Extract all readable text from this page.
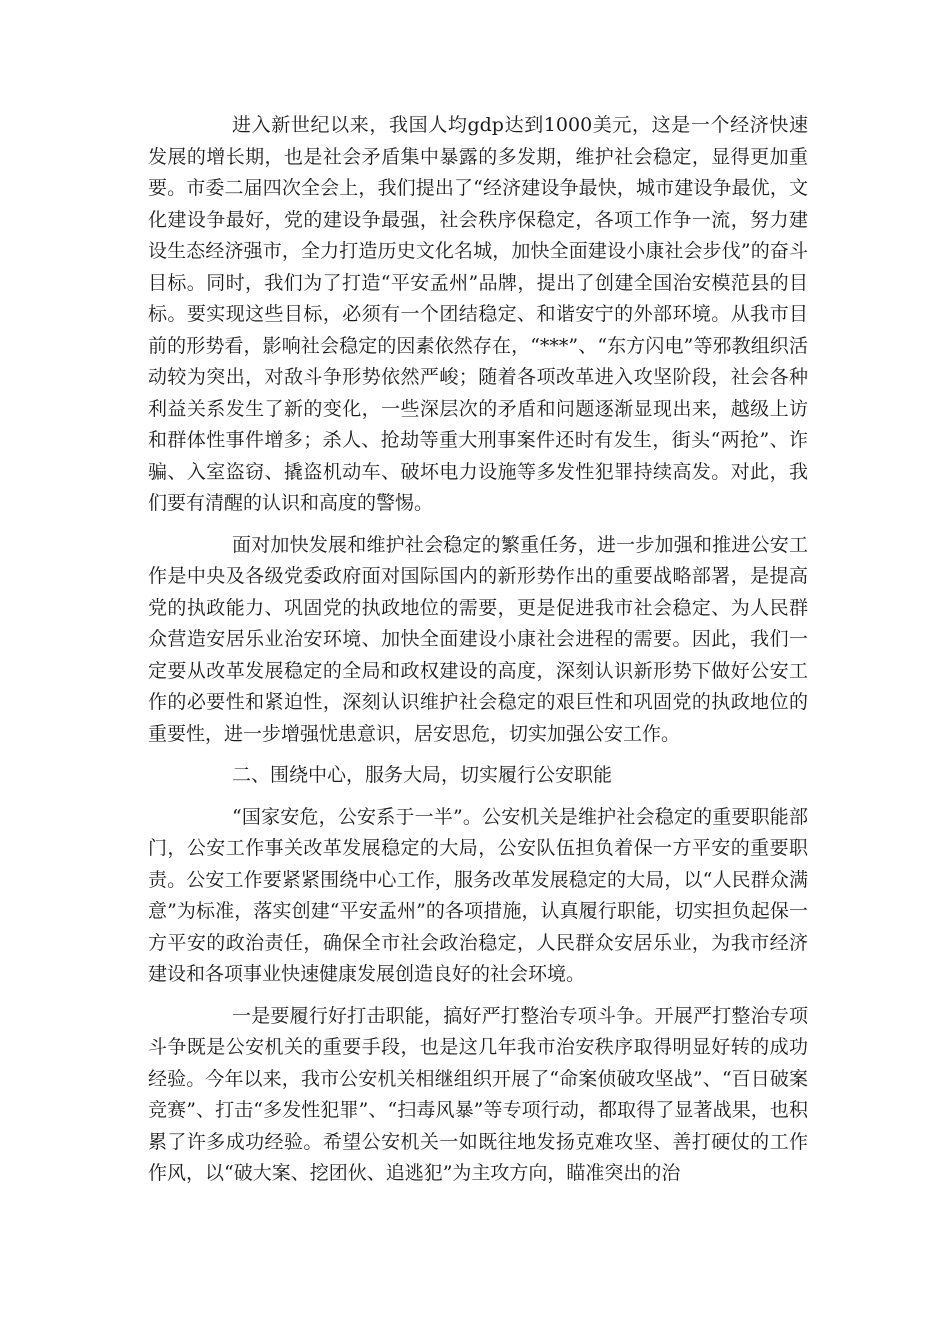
进入新世纪以来，我国人均gdp达到1000美元，这是一个经济快速发展的增长期，也是社会矛盾集中暴露的多发期，维护社会稳定，显得更加重要。市委二届四次全会上，我们提出了“经济建设争最快，城市建设争最优，文化建设争最好，党的建设争最强，社会秩序保稳定，各项工作争一流，努力建设生态经济强市，全力打造历史文化名城，加快全面建设小康社会步伐”的奋斗目标。同时，我们为了打造“平安孟州”品牌，提出了创建全国治安模范县的目标。要实现这些目标，必须有一个团结稳定、和谐安宁的外部环境。从我市目前的形势看，影响社会稳定的因素依然存在，“***”、“东方闪电”等邪教组织活动较为突出，对敌斗争形势依然严峻；随着各项改革进入攻坚阶段，社会各种利益关系发生了新的变化，一些深层次的矛盾和问题逐渐显现出来，越级上访和群体性事件增多；杀人、抢劫等重大刑事案件还时有发生，街头“两抢”、诈骗、入室盗窃、撬盗机动车、破坏电力设施等多发性犯罪持续高发。对此，我们要有清醒的认识和高度的警惕。

面对加快发展和维护社会稳定的繁重任务，进一步加强和推进公安工作是中央及各级党委政府面对国际国内的新形势作出的重要战略部署，是提高党的执政能力、巩固党的执政地位的需要，更是促进我市社会稳定、为人民群众营造安居乐业治安环境、加快全面建设小康社会进程的需要。因此，我们一定要从改革发展稳定的全局和政权建设的高度，深刻认识新形势下做好公安工作的必要性和紧迫性，深刻认识维护社会稳定的艰巨性和巩固党的执政地位的重要性，进一步增强忧患意识，居安思危，切实加强公安工作。

二、围绕中心，服务大局，切实履行公安职能

“国家安危，公安系于一半”。公安机关是维护社会稳定的重要职能部门，公安工作事关改革发展稳定的大局，公安队伍担负着保一方平安的重要职责。公安工作要紧紧围绕中心工作，服务改革发展稳定的大局，以“人民群众满意”为标准，落实创建“平安孟州”的各项措施，认真履行职能，切实担负起保一方平安的政治责任，确保全市社会政治稳定，人民群众安居乐业，为我市经济建设和各项事业快速健康发展创造良好的社会环境。

一是要履行好打击职能，搞好严打整治专项斗争。开展严打整治专项斗争既是公安机关的重要手段，也是这几年我市治安秩序取得明显好转的成功经验。今年以来，我市公安机关相继组织开展了“命案侦破攻坚战”、“百日破案竞赛”、打击“多发性犯罪”、“扫毒风暴”等专项行动，都取得了显著战果，也积累了许多成功经验。希望公安机关一如既往地发扬克难攻坚、善打硬仗的工作作风，以“破大案、挖团伙、追逃犯”为主攻方向，瞄准突出的治
